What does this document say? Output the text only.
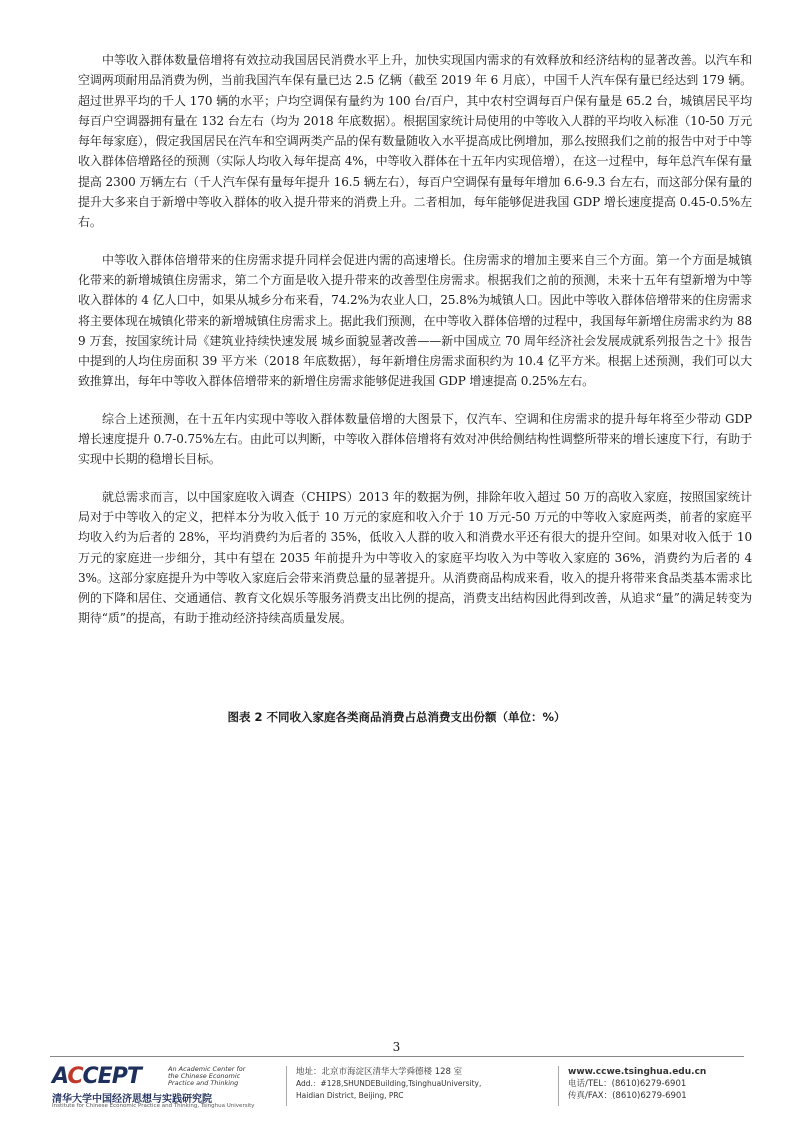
中等收入群体数量倍增将有效拉动我国居民消费水平上升，加快实现国内需求的有效释放和经济结构的显著改善。以汽车和空调两项耐用品消费为例，当前我国汽车保有量已达 2.5 亿辆（截至 2019 年 6 月底），中国千人汽车保有量已经达到 179 辆。超过世界平均的千人 170 辆的水平；户均空调保有量约为 100 台/百户，其中农村空调每百户保有量是 65.2 台，城镇居民平均每百户空调器拥有量在 132 台左右（均为 2018 年底数据）。根据国家统计局使用的中等收入人群的平均收入标准（10-50 万元每年每家庭），假定我国居民在汽车和空调两类产品的保有数量随收入水平提高成比例增加，那么按照我们之前的报告中对于中等收入群体倍增路径的预测（实际人均收入每年提高 4%，中等收入群体在十五年内实现倍增），在这一过程中，每年总汽车保有量提高 2300 万辆左右（千人汽车保有量每年提升 16.5 辆左右），每百户空调保有量每年增加 6.6-9.3 台左右，而这部分保有量的提升大多来自于新增中等收入群体的收入提升带来的消费上升。二者相加，每年能够促进我国 GDP 增长速度提高 0.45-0.5%左右。

中等收入群体倍增带来的住房需求提升同样会促进内需的高速增长。住房需求的增加主要来自三个方面。第一个方面是城镇化带来的新增城镇住房需求，第二个方面是收入提升带来的改善型住房需求。根据我们之前的预测，未来十五年有望新增为中等收入群体的 4 亿人口中，如果从城乡分布来看，74.2%为农业人口，25.8%为城镇人口。因此中等收入群体倍增带来的住房需求将主要体现在城镇化带来的新增城镇住房需求上。据此我们预测，在中等收入群体倍增的过程中，我国每年新增住房需求约为 889 万套，按国家统计局《建筑业持续快速发展 城乡面貌显著改善——新中国成立 70 周年经济社会发展成就系列报告之十》报告中提到的人均住房面积 39 平方米（2018 年底数据），每年新增住房需求面积约为 10.4 亿平方米。根据上述预测，我们可以大致推算出，每年中等收入群体倍增带来的新增住房需求能够促进我国 GDP 增速提高 0.25%左右。

综合上述预测，在十五年内实现中等收入群体数量倍增的大图景下，仅汽车、空调和住房需求的提升每年将至少带动 GDP 增长速度提升 0.7-0.75%左右。由此可以判断，中等收入群体倍增将有效对冲供给侧结构性调整所带来的增长速度下行，有助于实现中长期的稳增长目标。

就总需求而言，以中国家庭收入调查（CHIPS）2013 年的数据为例，排除年收入超过 50 万的高收入家庭，按照国家统计局对于中等收入的定义，把样本分为收入低于 10 万元的家庭和收入介于 10 万元-50 万元的中等收入家庭两类，前者的家庭平均收入约为后者的 28%，平均消费约为后者的 35%，低收入人群的收入和消费水平还有很大的提升空间。如果对收入低于 10 万元的家庭进一步细分，其中有望在 2035 年前提升为中等收入的家庭平均收入为中等收入家庭的 36%，消费约为后者的 43%。这部分家庭提升为中等收入家庭后会带来消费总量的显著提升。从消费商品构成来看，收入的提升将带来食品类基本需求比例的下降和居住、交通通信、教育文化娱乐等服务消费支出比例的提高，消费支出结构因此得到改善，从追求“量”的满足转变为期待“质”的提高，有助于推动经济持续高质量发展。

图表 2 不同收入家庭各类商品消费占总消费支出份额（单位：%）
3
ACCEPT	An Academic Center for the Chinese Economic Practice and Thinking
清华大学中国经济思想与实践研究院
Institute for Chinese Economic Practice and Thinking, Tsinghua University
地址：北京市海淀区清华大学舜德楼 128 室
Add.：#128,SHUNDEBuilding,TsinghuaUniversity,
Haidian District, Beijing, PRC
www.ccwe.tsinghua.edu.cn
电话/TEL：(8610)6279-6901
传真/FAX：(8610)6279-6901
